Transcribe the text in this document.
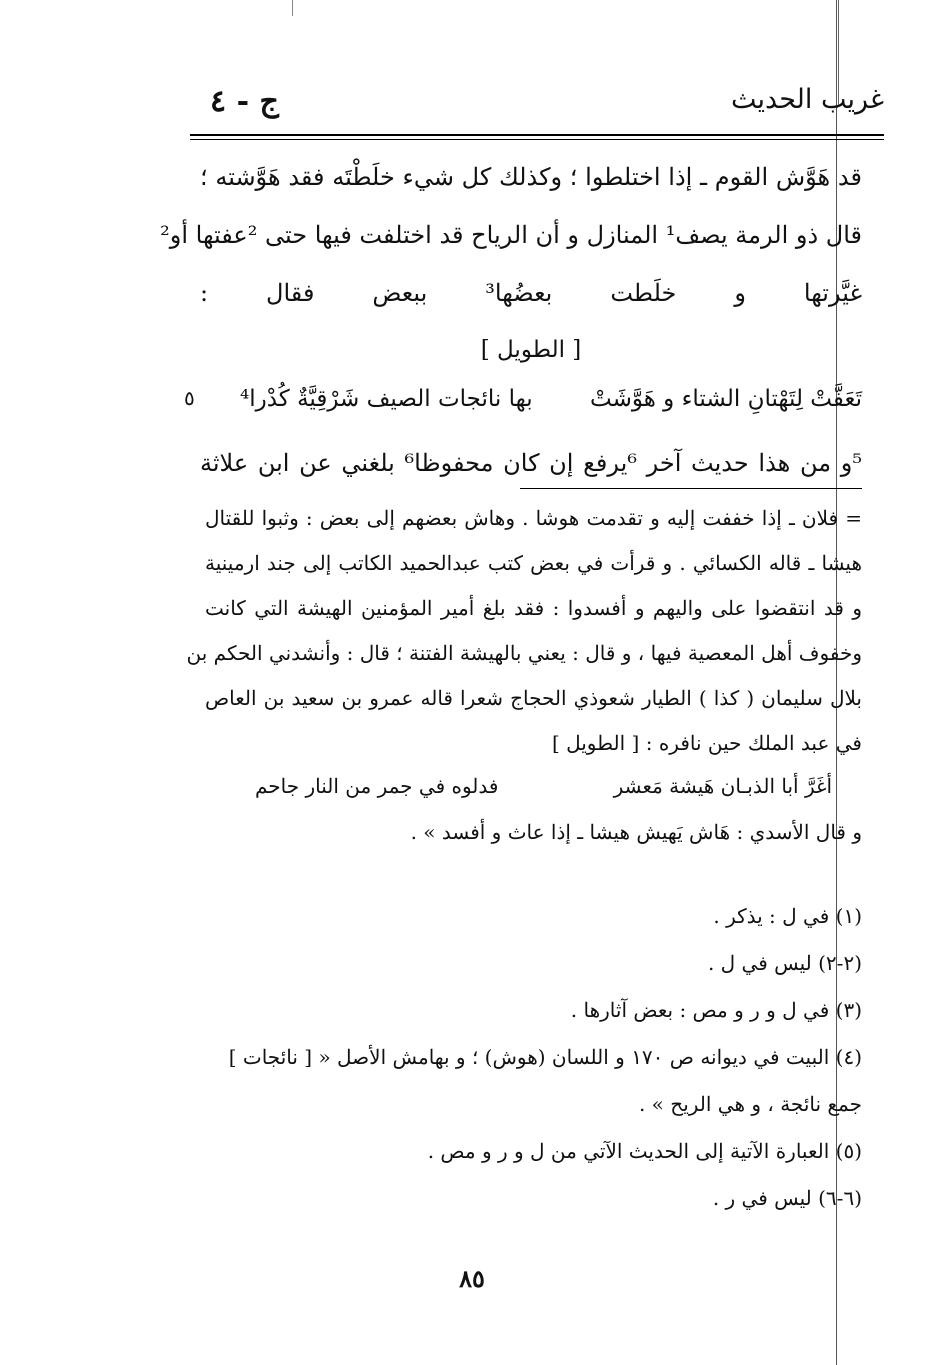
غريب الحديث
ج - ٤
قد هَوَّش القوم ـ إذا اختلطوا ؛ وكذلك كل شيء خلَطْتَه فقد هَوَّشته ؛
قال ذو الرمة يصف¹ المنازل و أن الرياح قد اختلفت فيها حتى ²عفتها أو²
غيَّرتها و خلَطت بعضُها³ ببعض فقال :
[ الطويل ]
تَعَفَّتْ لِتَهْتانِ الشتاء و هَوَّشَتْ
بها نائجات الصيف شَرْقِيَّةٌ كُدْرا⁴
٥
⁵و من هذا حديث آخر ⁶يرفع إن كان محفوظا⁶ بلغني عن ابن علاثة
= فلان ـ إذا خففت إليه و تقدمت هوشا . وهاش بعضهم إلى بعض : وثبوا للقتال
هيشا ـ قاله الكسائي . و قرأت في بعض كتب عبدالحميد الكاتب إلى جند ارمينية
و قد انتقضوا على واليهم و أفسدوا : فقد بلغ أمير المؤمنين الهيشة التي كانت
وخفوف أهل المعصية فيها ، و قال : يعني بالهيشة الفتنة ؛ قال : وأنشدني الحكم بن
بلال سليمان ( كذا ) الطيار شعوذي الحجاج شعرا قاله عمرو بن سعيد بن العاص
في عبد الملك حين نافره : [ الطويل ]
أغَرَّ أبا الذبـان هَيشة مَعشر
فدلوه في جمر من النار جاحم
و قال الأسدي : هَاش يَهيش هيشا ـ إذا عاث و أفسد » .
(١) في ل : يذكر .
(٢-٢) ليس في ل .
(٣) في ل و ر و مص : بعض آثارها .
(٤) البيت في ديوانه ص ١٧٠ و اللسان (هوش) ؛ و بهامش الأصل « [ نائجات ]
جمع نائجة ، و هي الريح » .
(٥) العبارة الآتية إلى الحديث الآتي من ل و ر و مص .
(٦-٦) ليس في ر .
٨٥
